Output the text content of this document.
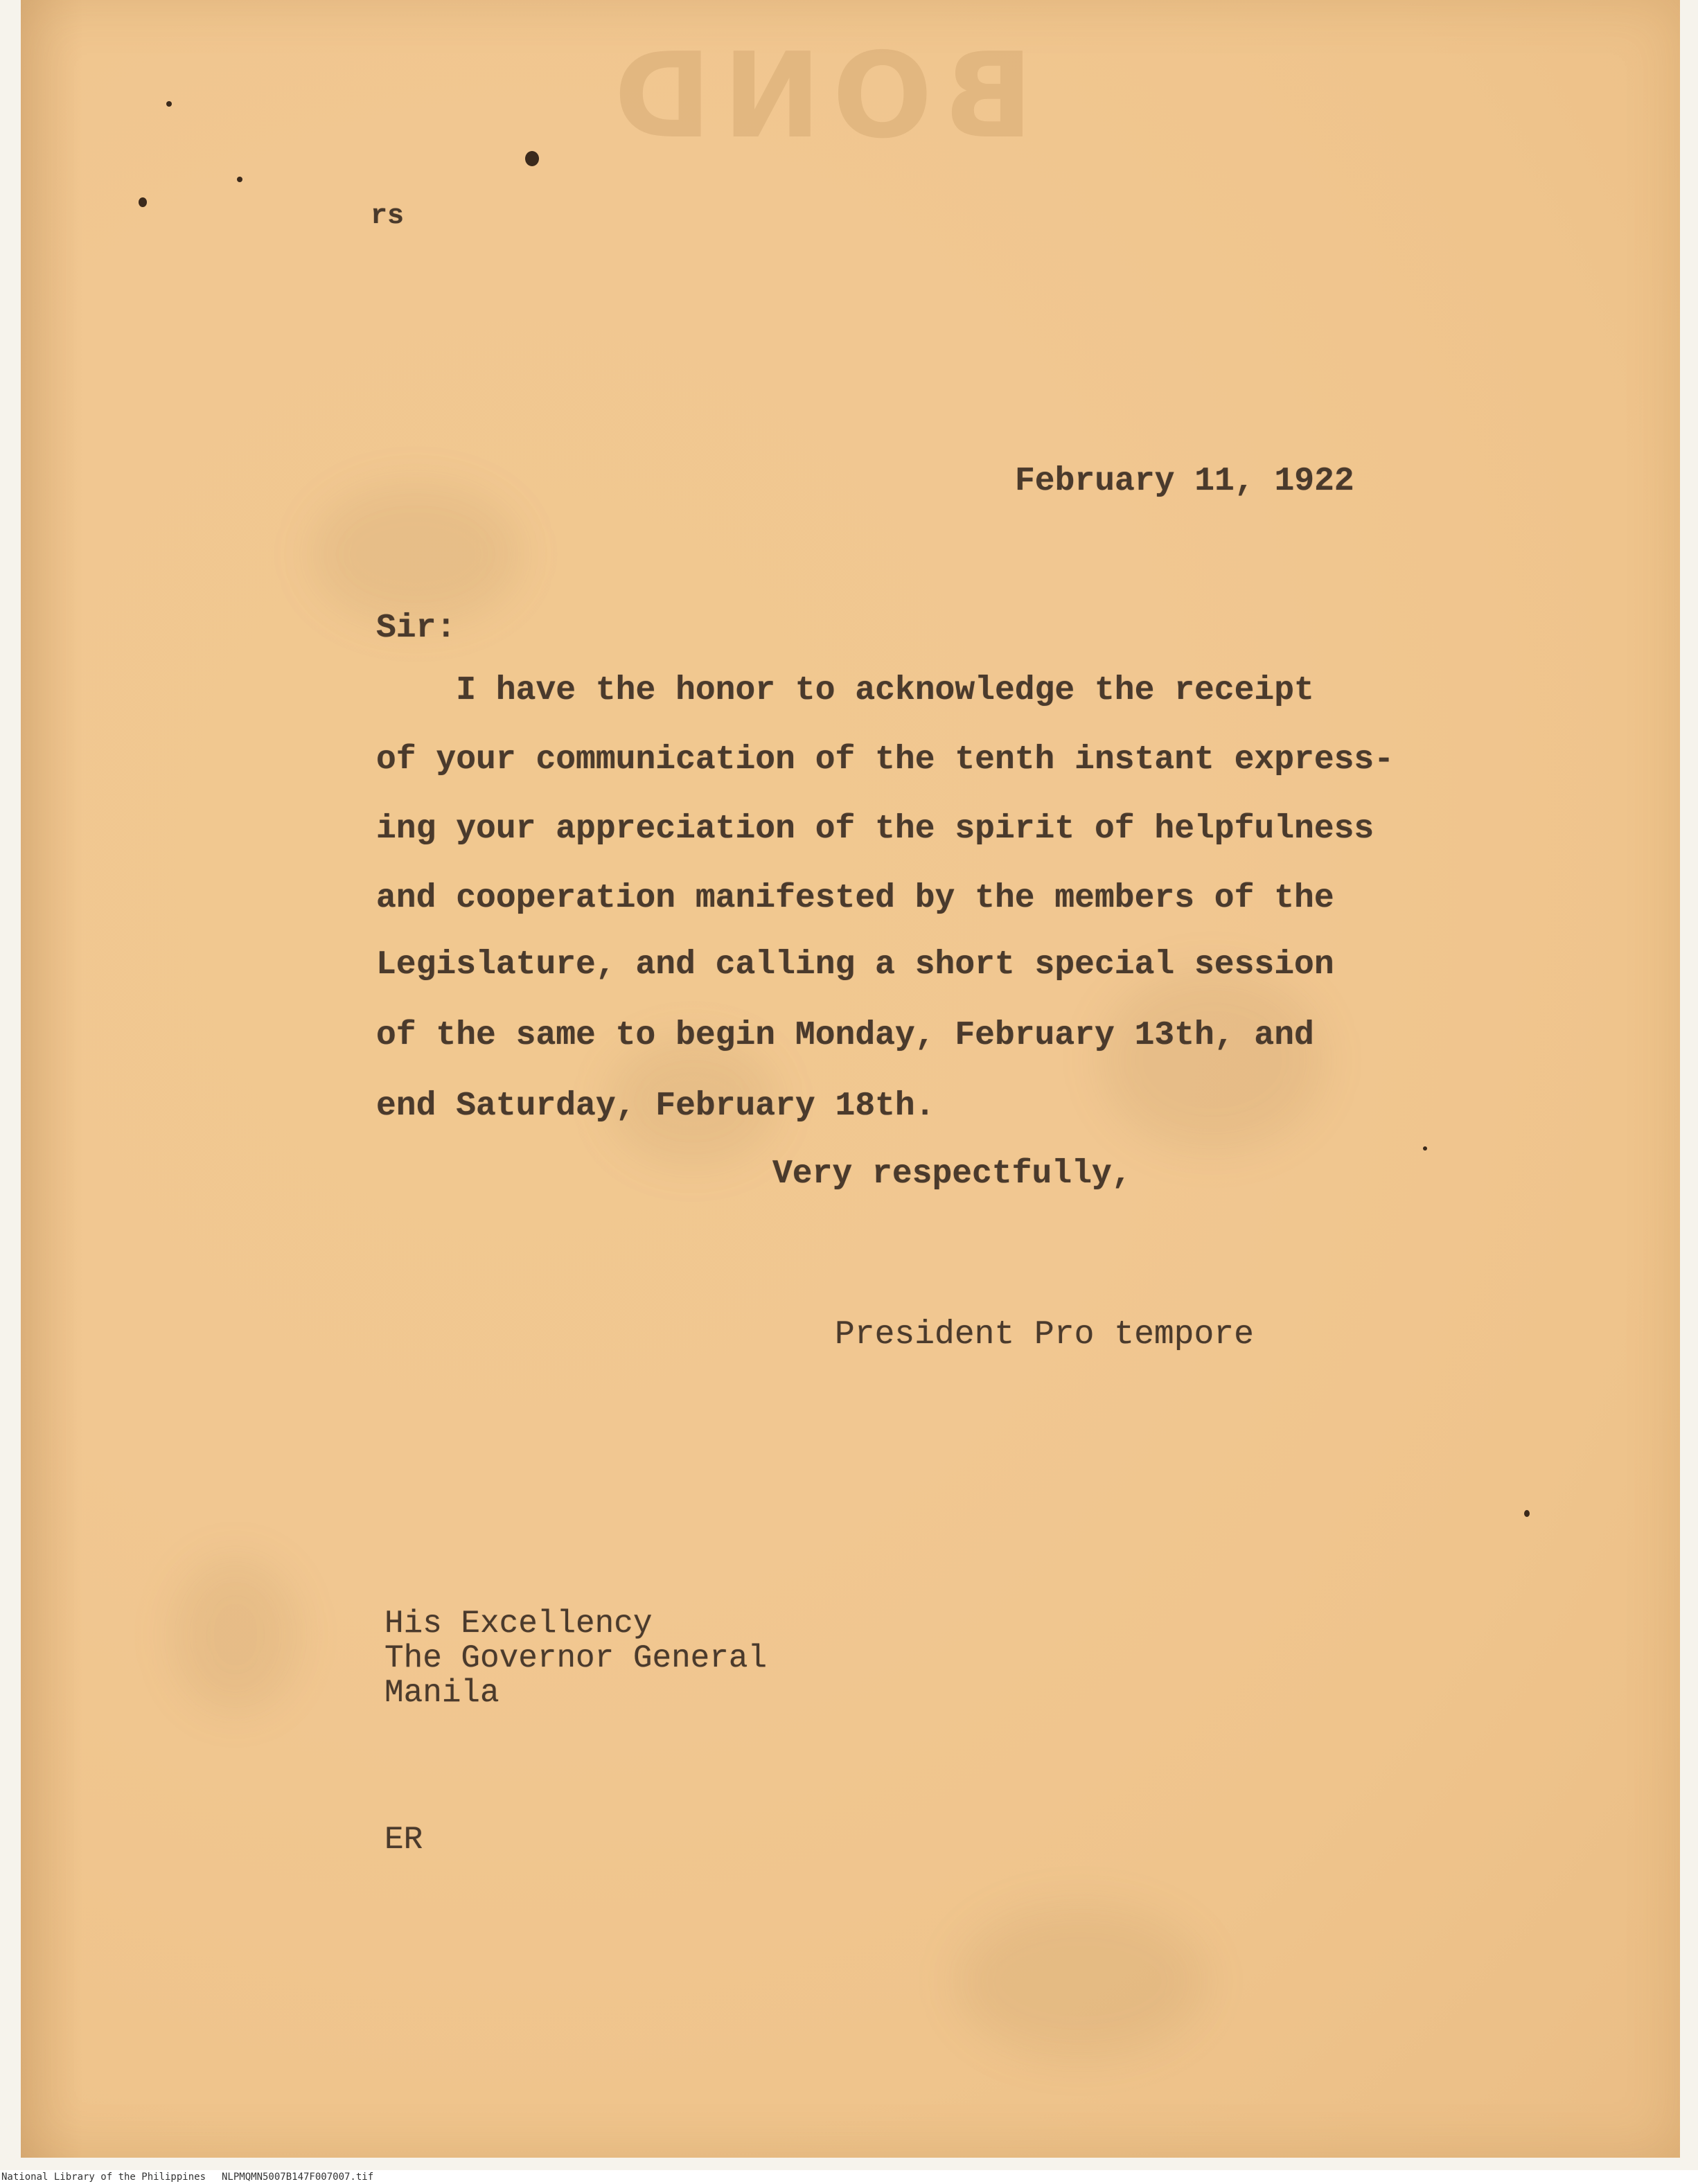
BOND

rs

February 11, 1922

Sir:

I have the honor to acknowledge the receipt

of your communication of the tenth instant express-

ing your appreciation of the spirit of helpfulness

and cooperation manifested by the members of the

Legislature, and calling a short special session

of the same to begin Monday, February 13th, and

end Saturday, February 18th.

Very respectfully,

President Pro tempore

His Excellency

The Governor General

Manila

ER

National Library of the Philippines NLPMQMN5007B147F007007.tif
